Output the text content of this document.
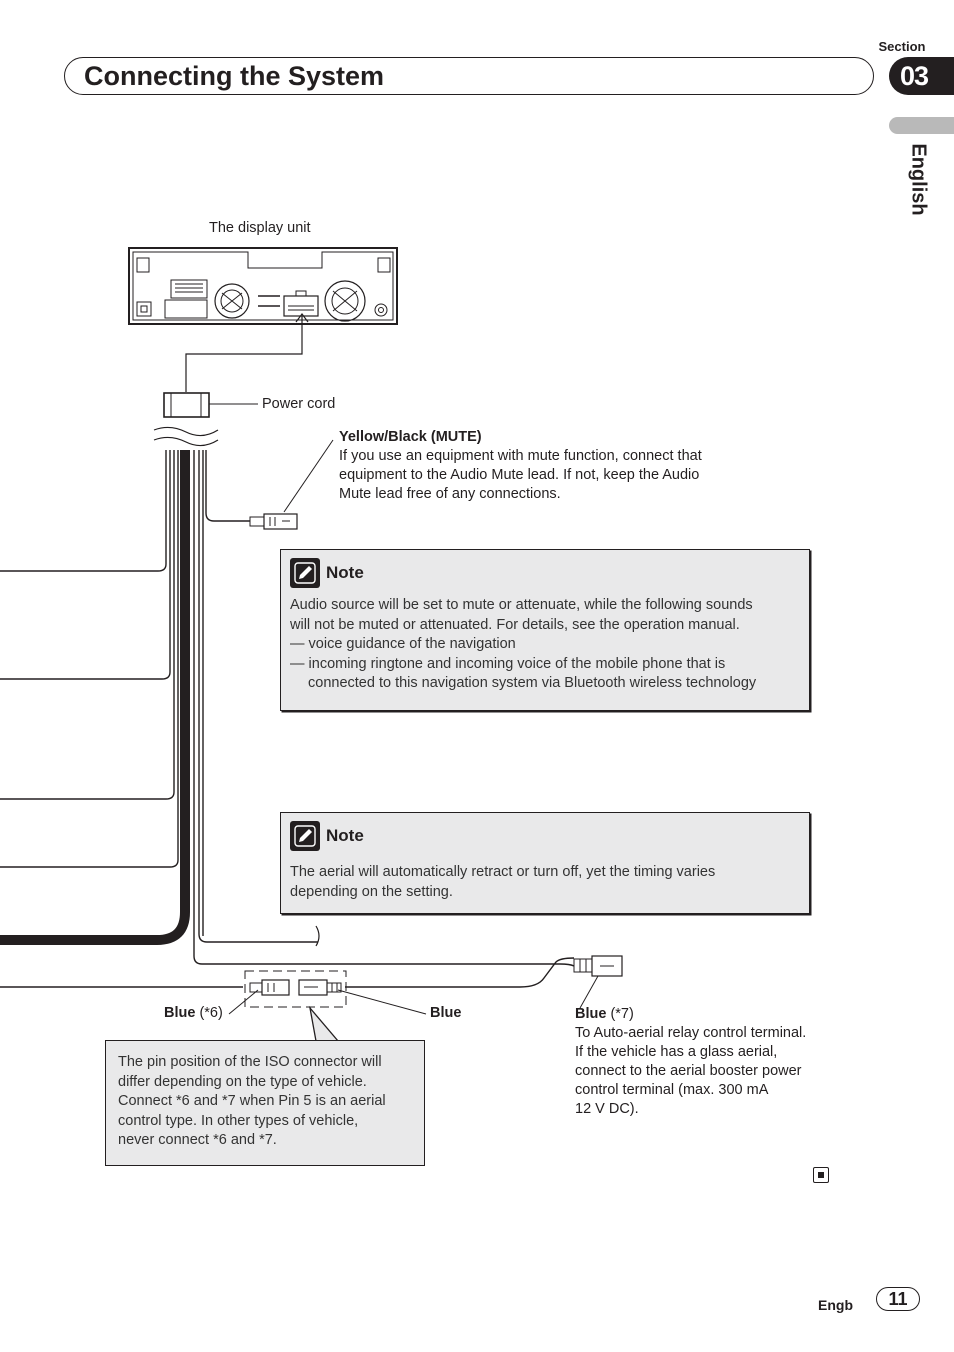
Section
03
Connecting the System
English
The display unit
Power cord
Yellow/Black (MUTE)
If you use an equipment with mute function, connect that
equipment to the Audio Mute lead. If not, keep the Audio
Mute lead free of any connections.
Note

Audio source will be set to mute or attenuate, while the following sounds

will not be muted or attenuated. For details, see the operation manual.

— voice guidance of the navigation

— incoming ringtone and incoming voice of the mobile phone that is

connected to this navigation system via Bluetooth wireless technology

Note

The aerial will automatically retract or turn off, yet the timing varies

depending on the setting.

Blue (*6)	Blue	Blue (*7)
To Auto-aerial relay control terminal.
If the vehicle has a glass aerial,
connect to the aerial booster power
control terminal (max. 300 mA
12 V DC).
The pin position of the ISO connector will
differ depending on the type of vehicle.
Connect *6 and *7 when Pin 5 is an aerial
control type. In other types of vehicle,
never connect *6 and *7.
Engb	11
